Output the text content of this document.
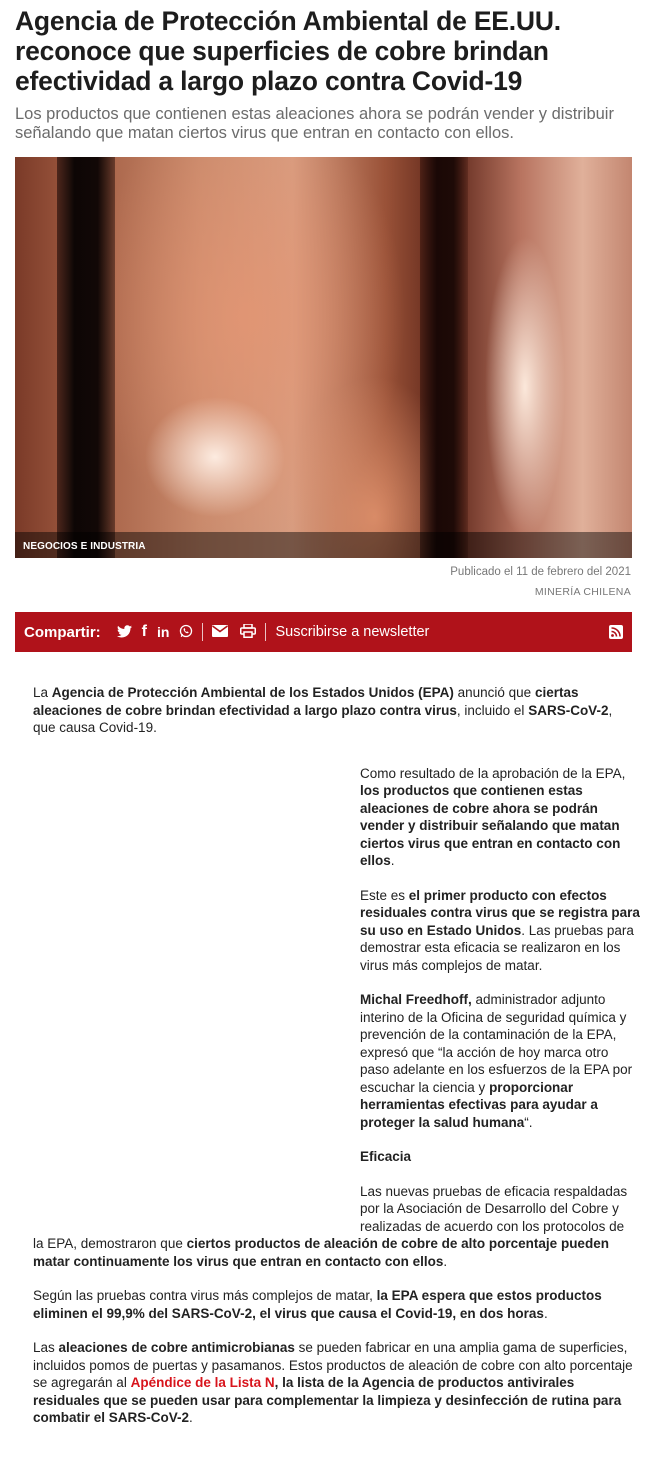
Agencia de Protección Ambiental de EE.UU. reconoce que superficies de cobre brindan efectividad a largo plazo contra Covid-19

Los productos que contienen estas aleaciones ahora se podrán vender y distribuir señalando que matan ciertos virus que entran en contacto con ellos.

NEGOCIOS E INDUSTRIA
Publicado el 11 de febrero del 2021
MINERÍA CHILENA
Compartir:	f in	Suscribirse a newsletter

La Agencia de Protección Ambiental de los Estados Unidos (EPA) anunció que ciertas aleaciones de cobre brindan efectividad a largo plazo contra virus, incluido el SARS-CoV-2, que causa Covid-19.

Como resultado de la aprobación de la EPA, los productos que contienen estas aleaciones de cobre ahora se podrán vender y distribuir señalando que matan ciertos virus que entran en contacto con ellos.

Este es el primer producto con efectos residuales contra virus que se registra para su uso en Estado Unidos. Las pruebas para demostrar esta eficacia se realizaron en los virus más complejos de matar.

Michal Freedhoff, administrador adjunto interino de la Oficina de seguridad química y prevención de la contaminación de la EPA, expresó que “la acción de hoy marca otro paso adelante en los esfuerzos de la EPA por escuchar la ciencia y proporcionar herramientas efectivas para ayudar a proteger la salud humana“.

Eficacia

Las nuevas pruebas de eficacia respaldadas por la Asociación de Desarrollo del Cobre y realizadas de acuerdo con los protocolos de

la EPA, demostraron que ciertos productos de aleación de cobre de alto porcentaje pueden matar continuamente los virus que entran en contacto con ellos.

Según las pruebas contra virus más complejos de matar, la EPA espera que estos productos eliminen el 99,9% del SARS-CoV-2, el virus que causa el Covid-19, en dos horas.

Las aleaciones de cobre antimicrobianas se pueden fabricar en una amplia gama de superficies, incluidos pomos de puertas y pasamanos. Estos productos de aleación de cobre con alto porcentaje se agregarán al Apéndice de la Lista N, la lista de la Agencia de productos antivirales residuales que se pueden usar para complementar la limpieza y desinfección de rutina para combatir el SARS-CoV-2.
